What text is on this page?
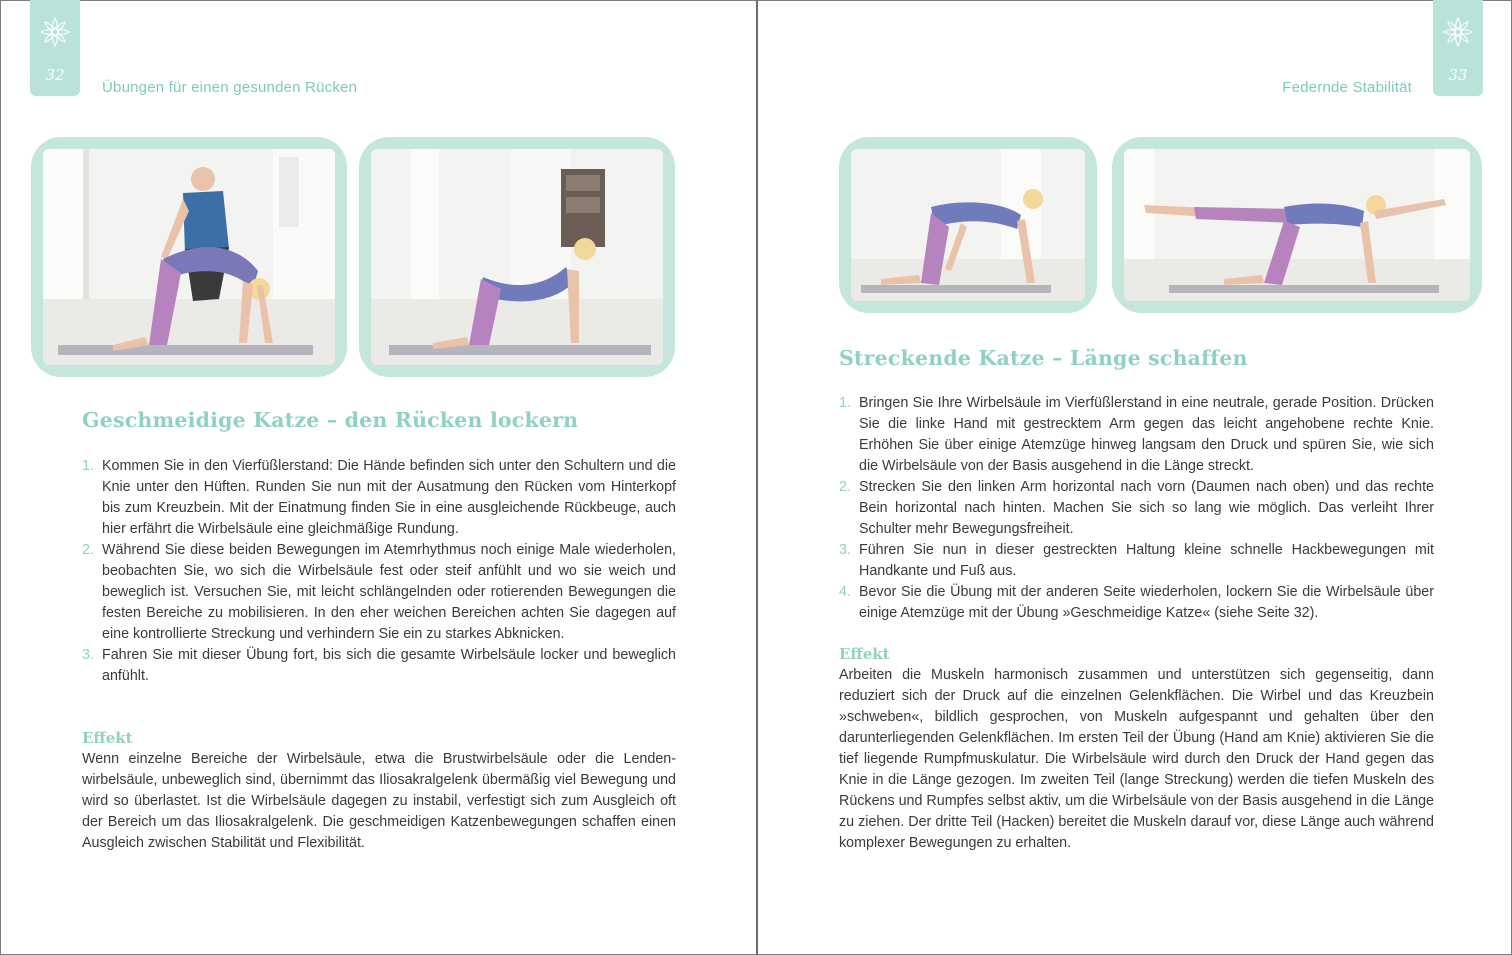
32
Übungen für einen gesunden Rücken
Geschmeidige Katze – den Rücken lockern
1. Kommen Sie in den Vierfüßlerstand: Die Hände befinden sich unter den Schultern und die Knie unter den Hüften. Runden Sie nun mit der Ausatmung den Rücken vom Hinterkopf bis zum Kreuzbein. Mit der Einatmung finden Sie in eine ausgleichende Rückbeuge, auch hier erfährt die Wirbelsäule eine gleichmäßige Rundung.
2. Während Sie diese beiden Bewegungen im Atemrhythmus noch einige Male wiederholen, beobachten Sie, wo sich die Wirbelsäule fest oder steif anfühlt und wo sie weich und beweglich ist. Versuchen Sie, mit leicht schlängelnden oder rotierenden Bewegungen die festen Bereiche zu mobilisieren. In den eher weichen Bereichen achten Sie dagegen auf eine kontrollierte Streckung und verhindern Sie ein zu starkes Abknicken.
3. Fahren Sie mit dieser Übung fort, bis sich die gesamte Wirbelsäule locker und beweglich anfühlt.
Effekt
Wenn einzelne Bereiche der Wirbelsäule, etwa die Brustwirbelsäule oder die Lendenwirbelsäule, unbeweglich sind, übernimmt das Iliosakralgelenk übermäßig viel Bewegung und wird so überlastet. Ist die Wirbelsäule dagegen zu instabil, verfestigt sich zum Ausgleich oft der Bereich um das Iliosakralgelenk. Die geschmeidigen Katzenbewegungen schaffen einen Ausgleich zwischen Stabilität und Flexibilität.
33
Federnde Stabilität
Streckende Katze – Länge schaffen
1. Bringen Sie Ihre Wirbelsäule im Vierfüßlerstand in eine neutrale, gerade Position. Drücken Sie die linke Hand mit gestrecktem Arm gegen das leicht angehobene rechte Knie. Erhöhen Sie über einige Atemzüge hinweg langsam den Druck und spüren Sie, wie sich die Wirbelsäule von der Basis ausgehend in die Länge streckt.
2. Strecken Sie den linken Arm horizontal nach vorn (Daumen nach oben) und das rechte Bein horizontal nach hinten. Machen Sie sich so lang wie möglich. Das verleiht Ihrer Schulter mehr Bewegungsfreiheit.
3. Führen Sie nun in dieser gestreckten Haltung kleine schnelle Hackbewegungen mit Handkante und Fuß aus.
4. Bevor Sie die Übung mit der anderen Seite wiederholen, lockern Sie die Wirbelsäule über einige Atemzüge mit der Übung »Geschmeidige Katze« (siehe Seite 32).
Effekt
Arbeiten die Muskeln harmonisch zusammen und unterstützen sich gegenseitig, dann reduziert sich der Druck auf die einzelnen Gelenkflächen. Die Wirbel und das Kreuzbein »schweben«, bildlich gesprochen, von Muskeln aufgespannt und gehalten über den darunterliegenden Gelenkflächen. Im ersten Teil der Übung (Hand am Knie) aktivieren Sie die tief liegende Rumpfmuskulatur. Die Wirbelsäule wird durch den Druck der Hand gegen das Knie in die Länge gezogen. Im zweiten Teil (lange Streckung) werden die tiefen Muskeln des Rückens und Rumpfes selbst aktiv, um die Wirbelsäule von der Basis ausgehend in die Länge zu ziehen. Der dritte Teil (Hacken) bereitet die Muskeln darauf vor, diese Länge auch während komplexer Bewegungen zu erhalten.
